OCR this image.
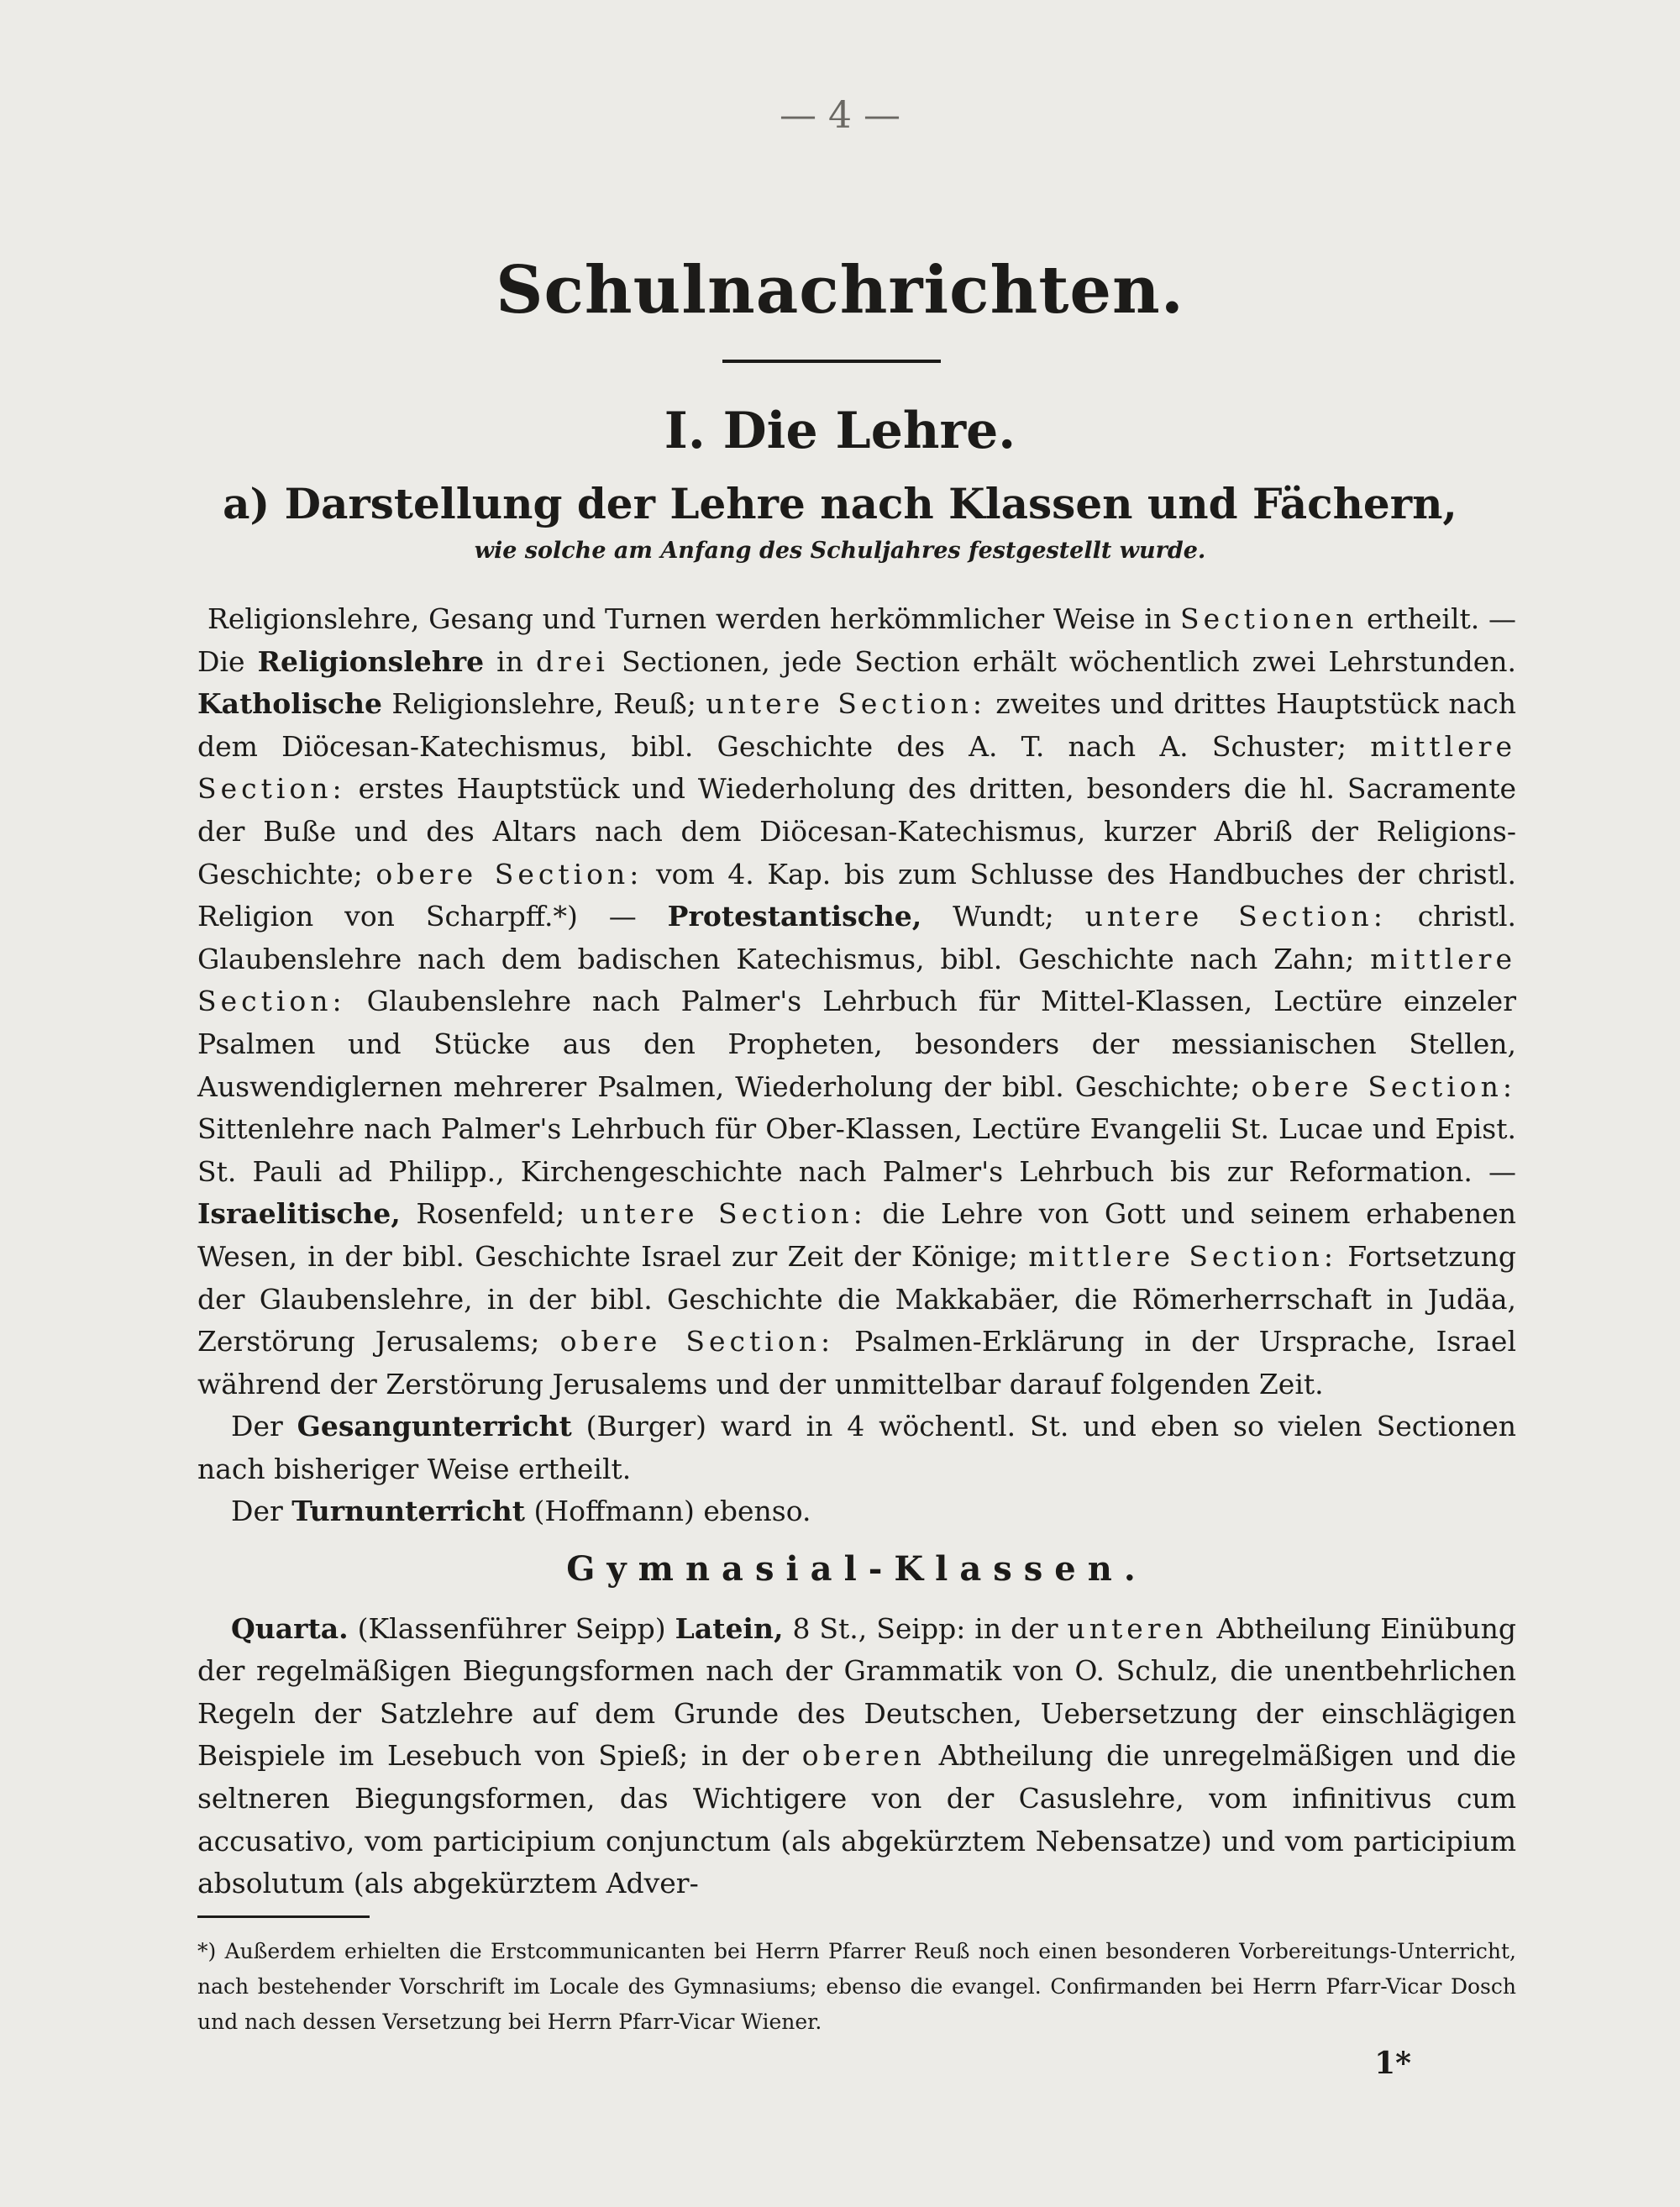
— 4 —
Schulnachrichten.
I. Die Lehre.
a) Darstellung der Lehre nach Klassen und Fächern,
wie solche am Anfang des Schuljahres festgestellt wurde.

Religionslehre, Gesang und Turnen werden herkömmlicher Weise in Sectionen ertheilt. — Die Religionslehre in drei Sectionen, jede Section erhält wöchentlich zwei Lehrstunden. Katholische Religionslehre, Reuß; untere Section: zweites und drittes Hauptstück nach dem Diöcesan-Katechismus, bibl. Geschichte des A. T. nach A. Schuster; mittlere Section: erstes Hauptstück und Wiederholung des dritten, besonders die hl. Sacramente der Buße und des Altars nach dem Diöcesan-Katechismus, kurzer Abriß der Religions-Geschichte; obere Section: vom 4. Kap. bis zum Schlusse des Handbuches der christl. Religion von Scharpff.*) — Protestantische, Wundt; untere Section: christl. Glaubenslehre nach dem badischen Katechismus, bibl. Geschichte nach Zahn; mittlere Section: Glaubenslehre nach Palmer's Lehrbuch für Mittel-Klassen, Lectüre einzeler Psalmen und Stücke aus den Propheten, besonders der messianischen Stellen, Auswendiglernen mehrerer Psalmen, Wiederholung der bibl. Geschichte; obere Section: Sittenlehre nach Palmer's Lehrbuch für Ober-Klassen, Lectüre Evangelii St. Lucae und Epist. St. Pauli ad Philipp., Kirchengeschichte nach Palmer's Lehrbuch bis zur Reformation. — Israelitische, Rosenfeld; untere Section: die Lehre von Gott und seinem erhabenen Wesen, in der bibl. Geschichte Israel zur Zeit der Könige; mittlere Section: Fortsetzung der Glaubenslehre, in der bibl. Geschichte die Makkabäer, die Römerherrschaft in Judäa, Zerstörung Jerusalems; obere Section: Psalmen-Erklärung in der Ursprache, Israel während der Zerstörung Jerusalems und der unmittelbar darauf folgenden Zeit.

Der Gesangunterricht (Burger) ward in 4 wöchentl. St. und eben so vielen Sectionen nach bisheriger Weise ertheilt.

Der Turnunterricht (Hoffmann) ebenso.

Gymnasial-Klassen.

Quarta. (Klassenführer Seipp) Latein, 8 St., Seipp: in der unteren Abtheilung Einübung der regelmäßigen Biegungsformen nach der Grammatik von O. Schulz, die unentbehrlichen Regeln der Satzlehre auf dem Grunde des Deutschen, Uebersetzung der einschlägigen Beispiele im Lesebuch von Spieß; in der oberen Abtheilung die unregelmäßigen und die seltneren Biegungsformen, das Wichtigere von der Casuslehre, vom infinitivus cum accusativo, vom participium conjunctum (als abgekürztem Nebensatze) und vom participium absolutum (als abgekürztem Adver-

*) Außerdem erhielten die Erstcommunicanten bei Herrn Pfarrer Reuß noch einen besonderen Vorbereitungs-Unterricht, nach bestehender Vorschrift im Locale des Gymnasiums; ebenso die evangel. Confirmanden bei Herrn Pfarr-Vicar Dosch und nach dessen Versetzung bei Herrn Pfarr-Vicar Wiener.
1*
